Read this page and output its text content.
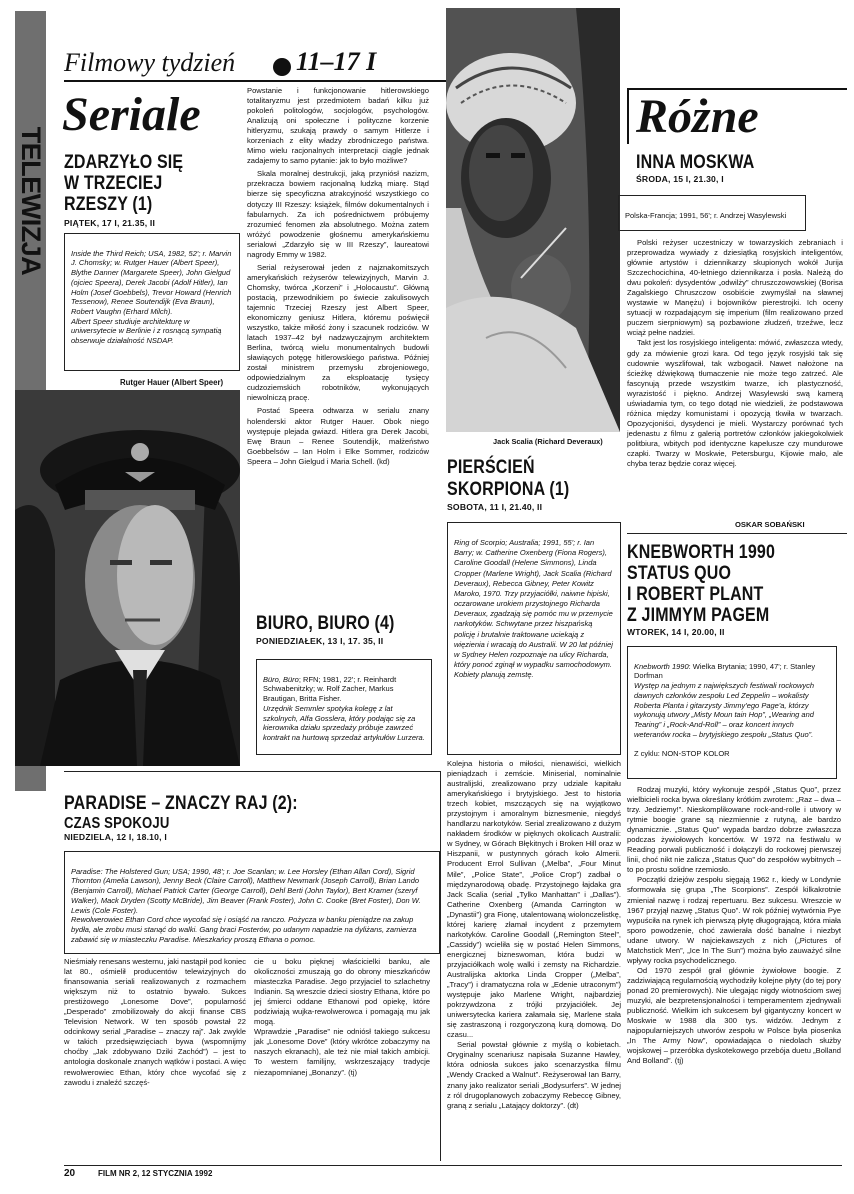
TELEWIZJA
Filmowy tydzień 11–17 I
Seriale
ZDARZYŁO SIĘ
W TRZECIEJ
RZESZY (1)
PIĄTEK, 17 I, 21.35, II

Inside the Third Reich; USA, 1982, 52'; r. Marvin J. Chomsky; w. Rutger Hauer (Albert Speer), Blythe Danner (Margarete Speer), John Gielgud (ojciec Speera), Derek Jacobi (Adolf Hitler), Ian Holm (Josef Goebbels), Trevor Howard (Henrich Tessenow), Renee Soutendijk (Eva Braun), Robert Vaughn (Erhard Milch).

Albert Speer studiuje architekturę w uniwersytecie w Berlinie i z rosnącą sympatią obserwuje działalność NSDAP.

Rutger Hauer (Albert Speer)

Powstanie i funkcjonowanie hitlerowskiego totalitaryzmu jest przedmiotem badań kilku już pokoleń politologów, socjologów, psychologów. Analizują oni społeczne i polityczne korzenie hitleryzmu, szukają prawdy o samym Hitlerze i korzeniach z elity władzy zbrodniczego państwa. Mimo wielu racjonalnych interpretacji ciągle jednak zadajemy to samo pytanie: jak to było możliwe?

Skala moralnej destrukcji, jaką przyniósł nazizm, przekracza bowiem racjonalną ludzką miarę. Stąd bierze się specyficzna atrakcyjność wszystkiego co dotyczy III Rzeszy: książek, filmów dokumentalnych i fabularnych. Za ich pośrednictwem próbujemy zrozumieć fenomen zła absolutnego. Można zatem wróżyć powodzenie głośnemu amerykańskiemu serialowi „Zdarzyło się w III Rzeszy”, laureatowi nagrody Emmy w 1982.

Serial reżyserował jeden z najznakomitszych amerykańskich reżyserów telewizyjnych, Marvin J. Chomsky, twórca „Korzeni” i „Holocaustu”. Główną postacią, przewodnikiem po świecie zakulisowych tajemnic Trzeciej Rzeszy jest Albert Speer, ekonomiczny geniusz Hitlera, któremu poświęcił wszystko, także miłość żony i szacunek rodziców. W latach 1937–42 był nadzwyczajnym architektem Berlina, twórcą wielu monumentalnych budowli sławiących potęgę hitlerowskiego państwa. Później został ministrem przemysłu zbrojeniowego, odpowiedzialnym za eksploatację tysięcy cudzoziemskich robotników, wykonujących niewolniczą pracę.

Postać Speera odtwarza w serialu znany holenderski aktor Rutger Hauer. Obok niego występuje plejada gwiazd. Hitlera gra Derek Jacobi, Ewę Braun – Renee Soutendijk, małżeństwo Goebbelsów – Ian Holm i Elke Sommer, rodziców Speera – John Gielgud i Maria Schell. (kd)

BIURO, BIURO (4)
PONIEDZIAŁEK, 13 I, 17. 35, II

Büro, Büro; RFN; 1981, 22'; r. Reinhardt Schwabenitzky; w. Rolf Zacher, Markus Brautigan, Britta Fisher.

Urzędnik Semmler spotyka kolegę z lat szkolnych, Alfa Gosslera, który podając się za kierownika działu sprzedaży próbuje zawrzeć kontrakt na hurtową sprzedaż artykułów Lurzera.

PARADISE – ZNACZY RAJ (2):
CZAS SPOKOJU
NIEDZIELA, 12 I, 18.10, I

Paradise: The Holstered Gun; USA; 1990, 48'; r. Joe Scanlan; w. Lee Horsley (Ethan Allan Cord), Sigrid Thornton (Amelia Lawson), Jenny Beck (Claire Carroll), Matthew Newmark (Joseph Carroll), Brian Lando (Benjamin Carroll), Michael Patrick Carter (George Carroll), Dehl Berti (John Taylor), Bert Kramer (szeryf Walker), Mack Dryden (Scotty McBride), Jim Beaver (Frank Foster), John C. Cooke (Bret Foster), Don W. Lewis (Cole Foster).

Rewolwerowiec Ethan Cord chce wycofać się i osiąść na ranczo. Pożycza w banku pieniądze na zakup bydła, ale zrobu musi stanąć do walki. Gang braci Fosterów, po udanym napadzie na dyliżans, zamierza zabawić się w miasteczku Paradise. Mieszkańcy proszą Ethana o pomoc.

Nieśmiały renesans westernu, jaki nastąpił pod koniec lat 80., ośmielił producentów telewizyjnych do finansowania seriali realizowanych z rozmachem większym niż to ostatnio bywało. Sukces prestiżowego „Lonesome Dove”, popularność „Desperado” zmobilizowały do akcji finanse CBS Television Network. W ten sposób powstał 22 odcinkowy serial „Paradise – znaczy raj”. Jak zwykle w takich przedsięwzięciach bywa (wspomnijmy choćby „Jak zdobywano Dziki Zachód”) – jest to antologia doskonale znanych wątków i postaci. A więc rewolwerowiec Ethan, który chce wycofać się z zawodu i znaleźć szczęś-

cie u boku pięknej właścicielki banku, ale okoliczności zmuszają go do obrony mieszkańców miasteczka Paradise. Jego przyjaciel to szlachetny Indianin. Są wreszcie dzieci siostry Ethana, które po jej śmierci oddane Ethanowi pod opiekę, które podziwiają wujka-rewolwerowca i pomagają mu jak mogą.
Wprawdzie „Paradise” nie odniósł takiego sukcesu jak „Lonesome Dove” (który wkrótce zobaczymy na naszych ekranach), ale też nie miał takich ambicji. To western familijny, wskrzeszający tradycje niezapomnianej „Bonanzy”. (tj)

Jack Scalia (Richard Deveraux)
PIERŚCIEŃ
SKORPIONA (1)
SOBOTA, 11 I, 21.40, II

Ring of Scorpio; Australia; 1991, 55'; r. Ian Barry; w. Catherine Oxenberg (Fiona Rogers), Caroline Goodall (Helene Simmons), Linda Cropper (Marlene Wright), Jack Scalia (Richard Deveraux), Rebecca Gibney, Peter Kowitz

Maroko, 1970. Trzy przyjaciółki, naiwne hipiski, oczarowane urokiem przystojnego Richarda Deveraux, zgadzają się pomóc mu w przemycie narkotyków. Schwytane przez hiszpańską policję i brutalnie traktowane uciekają z więzienia i wracają do Australii. W 20 lat później w Sydney Helen rozpoznaje na ulicy Richarda, który ponoć zginął w wypadku samochodowym. Kobiety planują zemstę.

Kolejna historia o miłości, nienawiści, wielkich pieniądzach i zemście. Miniserial, nominalnie australijski, zrealizowano przy udziale kapitału amerykańskiego i brytyjskiego. Jest to historia trzech kobiet, mszczących się na wyjątkowo przystojnym i amoralnym biznesmenie, niegdyś handlarzu narkotyków. Serial zrealizowano z dużym nakładem środków w pięknych okolicach Australii: w Sydney, w Górach Błękitnych i Broken Hill oraz w Hiszpanii, w pustynnych górach koło Almerii. Producent Errol Sullivan („Melba”, „Four Minut Mile”, „Police State”, „Police Crop”) zadbał o międzynarodową obadę. Przystojnego łajdaka gra Jack Scalia (serial „Tylko Manhattan” i „Dallas”). Catherine Oxenberg (Amanda Carrington w „Dynastii”) gra Fionę, utalentowaną wiolonczelistkę, której karierę złamał incydent z przemytem narkotyków. Caroline Goodall („Remington Steel”, „Cassidy”) wcieliła się w postać Helen Simmons, energicznej bizneswoman, która budzi w przyjaciółkach wolę walki i zemsty na Richardzie. Australijska aktorka Linda Cropper („Melba”, „Tracy”) i dramatyczna rola w „Edenie utraconym”) występuje jako Marlene Wright, najbardziej pokrzywdzona z trójki przyjaciółek. Jej uniwersytecka kariera załamała się, Marlene stała się zastraszoną i rozgoryczoną kurą domową. Do czasu...

Serial powstał głównie z myślą o kobietach. Oryginalny scenariusz napisała Suzanne Hawley, która odniosła sukces jako scenarzystka filmu „Wendy Cracked a Walnut”. Reżyserował Ian Barry, znany jako realizator seriali „Bodysurfers”. W jednej z ról drugoplanowych zobaczymy Rebeccę Gibney, graną z serialu „Latający doktorzy”. (dt)

Różne
INNA MOSKWA
ŚRODA, 15 I, 21.30, I

Polska-Francja; 1991, 56'; r. Andrzej Wasylewski

Polski reżyser uczestniczy w towarzyskich zebraniach i przeprowadza wywiady z dziesiątką rosyjskich inteligentów, głównie artystów i dziennikarzy skupionych wokół Jurija Szczechocichina, 40-letniego dziennikarza i posła. Należą do dwu pokoleń: dysydentów „odwilży” chruszczowowskiej (Borisa Zagalskiego Chruszczow osobiście zwymyślał na sławnej wystawie w Manężu) i bojowników pierestrojki. Ich oceny sytuacji w rozpadającym się imperium (film realizowano przed puczem sierpniowym) są pozbawione złudzeń, trzeźwe, lecz wciąż pełne nadziei.

Takt jest los rosyjskiego inteligenta: mówić, zwłaszcza wtedy, gdy za mówienie grozi kara. Od tego język rosyjski tak się cudownie wyszlifował, tak wzbogacił. Nawet nałożone na ścieżkę dźwiękową tłumaczenie nie może tego zatrzeć. Ale fascynują przede wszystkim twarze, ich plastyczność, wyrazistość i piękno. Andrzej Wasylewski swą kamerą uświadamia tym, co tego dotąd nie wiedzieli, że podstawowa różnica między komunistami i opozycją tkwiła w twarzach. Opozycjoniści, dysydenci je mieli. Wystarczy porównać tych jedenastu z filmu z galerią portretów członków jakiegokolwiek politbiura, wbitych pod identyczne kapelusze czy mundurowe czapki. Twarzy w Moskwie, Petersburgu, Kijowie mało, ale chyba teraz będzie coraz więcej.

OSKAR SOBAŃSKI
KNEBWORTH 1990
STATUS QUO
I ROBERT PLANT
Z JIMMYM PAGEM
WTOREK, 14 I, 20.00, II

Knebworth 1990: Wielka Brytania; 1990, 47'; r. Stanley Dorfman

Występ na jednym z największych festiwali rockowych dawnych członków zespołu Led Zeppelin – wokalisty Roberta Planta i gitarzysty Jimmy'ego Page'a, którzy wykonują utwory „Misty Moun tain Hop”, „Wearing and Tearing” i „Rock-And-Roll” – oraz koncert innych weteranów rocka – brytyjskiego zespołu „Status Quo”.

Z cyklu: NON-STOP KOLOR

Rodzaj muzyki, który wykonuje zespół „Status Quo”, przez wielbicieli rocka bywa określany krótkim zwrotem: „Raz – dwa – trzy. Jedziemy!”. Nieskomplikowane rock-and-rolle i utwory w rytmie boogie grane są niezmiennie z rutyną, ale bardzo dynamicznie. „Status Quo” wypada bardzo dobrze zwłaszcza podczas żywiołowych koncertów. W 1972 na festiwalu w Reading porwali publiczność i dołączyli do rockowej pierwszej linii, choć nikt nie zalicza „Status Quo” do zespołów wybitnych – to po prostu solidne rzemiosło.

Początki dziejów zespołu sięgają 1962 r., kiedy w Londynie sformowała się grupa „The Scorpions”. Zespół kilkakrotnie zmieniał nazwę i rodzaj repertuaru. Bez sukcesu. Wreszcie w 1967 przyjął nazwę „Status Quo”. W rok później wytwórnia Pye wypuściła na rynek ich pierwszą płytę długogrającą, która miała sporo powodzenie, choć zawierała dość banalne i niezbyt udane utwory. W najciekawszych z nich („Pictures of Matchstick Men”, „Ice In The Sun”) można było zauważyć silne wpływy rocka psychodelicznego.

Od 1970 zespół grał głównie żywiołowe boogie. Z zadziwiającą regularnością wychodziły kolejne płyty (do tej pory ponad 20 premierowych). Nie ulegając nigdy wiotnościom swej muzyki, ale bezpretensjonalności i temperamentem zjednywali publiczność. Wielkim ich sukcesem był gigantyczny koncert w Moskwie w 1988 dla 300 tys. widzów. Jednym z najpopularniejszych utworów zespołu w Polsce była piosenka „In The Army Now”, opowiadająca o niedolach służby wojskowej – przeróbka dyskotekowego przebója duetu „Bolland And Bolland”. (tj)

20	FILM NR 2, 12 STYCZNIA 1992
